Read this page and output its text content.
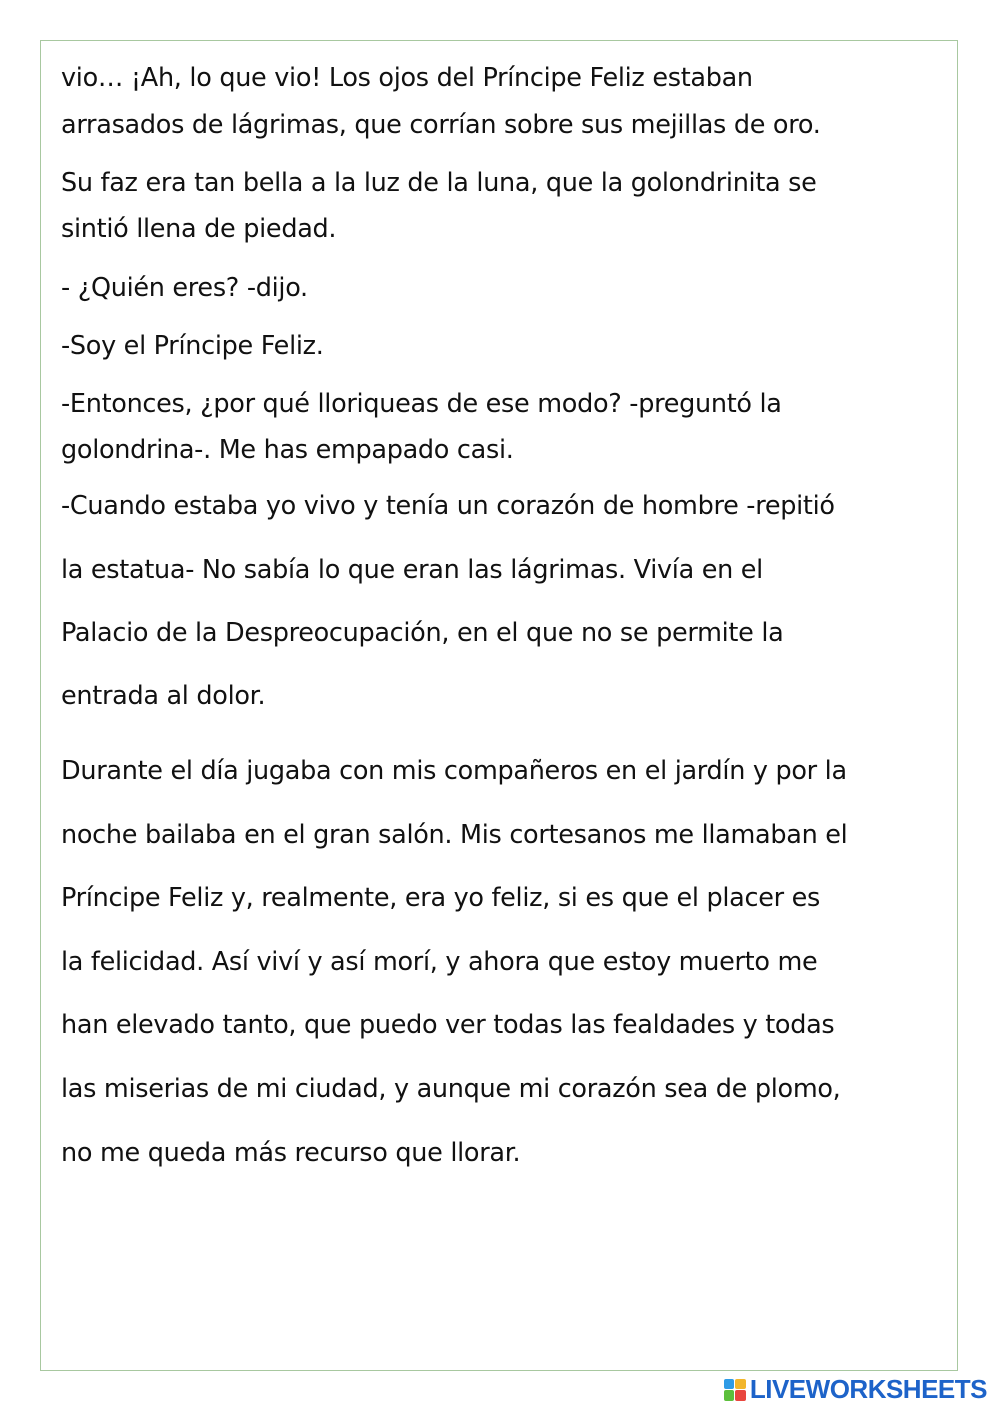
vio… ¡Ah, lo que vio! Los ojos del Príncipe Feliz estaban

arrasados de lágrimas, que corrían sobre sus mejillas de oro.

Su faz era tan bella a la luz de la luna, que la golondrinita se

sintió llena de piedad.

- ¿Quién eres? -dijo.

-Soy el Príncipe Feliz.

-Entonces, ¿por qué lloriqueas de ese modo? -preguntó la

golondrina-. Me has empapado casi.

-Cuando estaba yo vivo y tenía un corazón de hombre -repitió

la estatua- No sabía lo que eran las lágrimas. Vivía en el

Palacio de la Despreocupación, en el que no se permite la

entrada al dolor.

Durante el día jugaba con mis compañeros en el jardín y por la

noche bailaba en el gran salón. Mis cortesanos me llamaban el

Príncipe Feliz y, realmente, era yo feliz, si es que el placer es

la felicidad. Así viví y así morí, y ahora que estoy muerto me

han elevado tanto, que puedo ver todas las fealdades y todas

las miserias de mi ciudad, y aunque mi corazón sea de plomo,

no me queda más recurso que llorar.

LIVEWORKSHEETS
